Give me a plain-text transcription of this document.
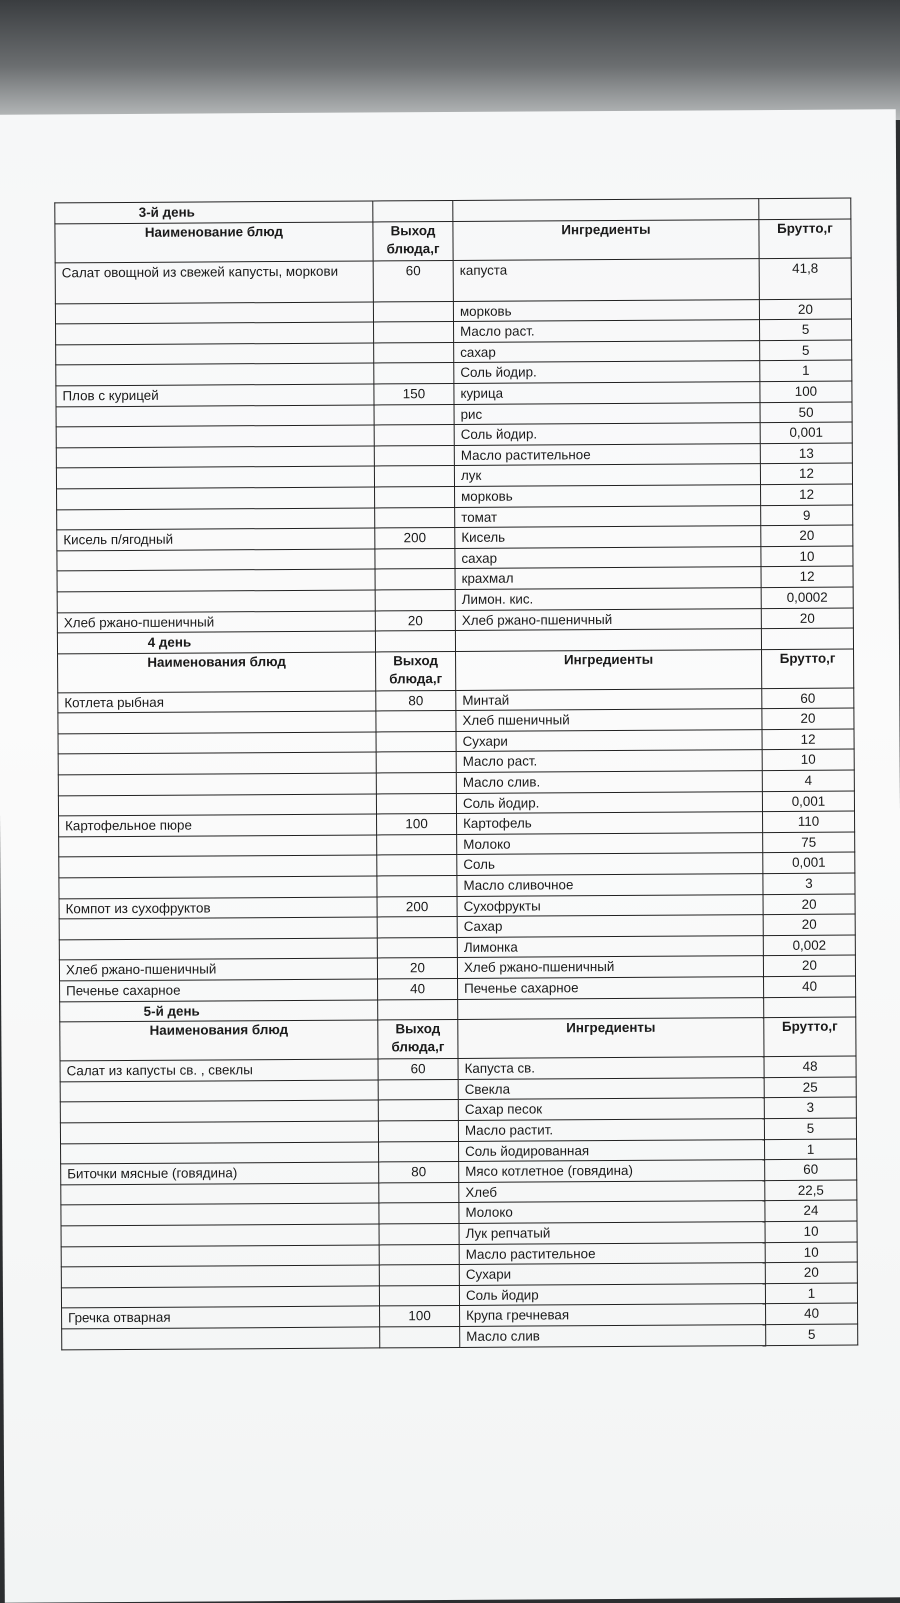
3-й день			
Наименование блюд	Выход блюда,г	Ингредиенты	Брутто,г
Салат овощной из свежей капусты, моркови	60	капуста	41,8
		морковь	20
		Масло раст.	5
		сахар	5
		Соль йодир.	1
Плов с курицей	150	курица	100
		рис	50
		Соль йодир.	0,001
		Масло растительное	13
		лук	12
		морковь	12
		томат	9
Кисель п/ягодный	200	Кисель	20
		сахар	10
		крахмал	12
		Лимон. кис.	0,0002
Хлеб ржано-пшеничный	20	Хлеб ржано-пшеничный	20
4 день			
Наименования блюд	Выход блюда,г	Ингредиенты	Брутто,г
Котлета рыбная	80	Минтай	60
		Хлеб пшеничный	20
		Сухари	12
		Масло раст.	10
		Масло слив.	4
		Соль йодир.	0,001
Картофельное пюре	100	Картофель	110
		Молоко	75
		Соль	0,001
		Масло сливочное	3
Компот из сухофруктов	200	Сухофрукты	20
		Сахар	20
		Лимонка	0,002
Хлеб ржано-пшеничный	20	Хлеб ржано-пшеничный	20
Печенье сахарное	40	Печенье сахарное	40
5-й день			
Наименования блюд	Выход блюда,г	Ингредиенты	Брутто,г
Салат из капусты св. , свеклы	60	Капуста св.	48
		Свекла	25
		Сахар песок	3
		Масло растит.	5
		Соль йодированная	1
Биточки мясные (говядина)	80	Мясо котлетное (говядина)	60
		Хлеб	22,5
		Молоко	24
		Лук репчатый	10
		Масло растительное	10
		Сухари	20
		Соль йодир	1
Гречка отварная	100	Крупа гречневая	40
		Масло слив	5
